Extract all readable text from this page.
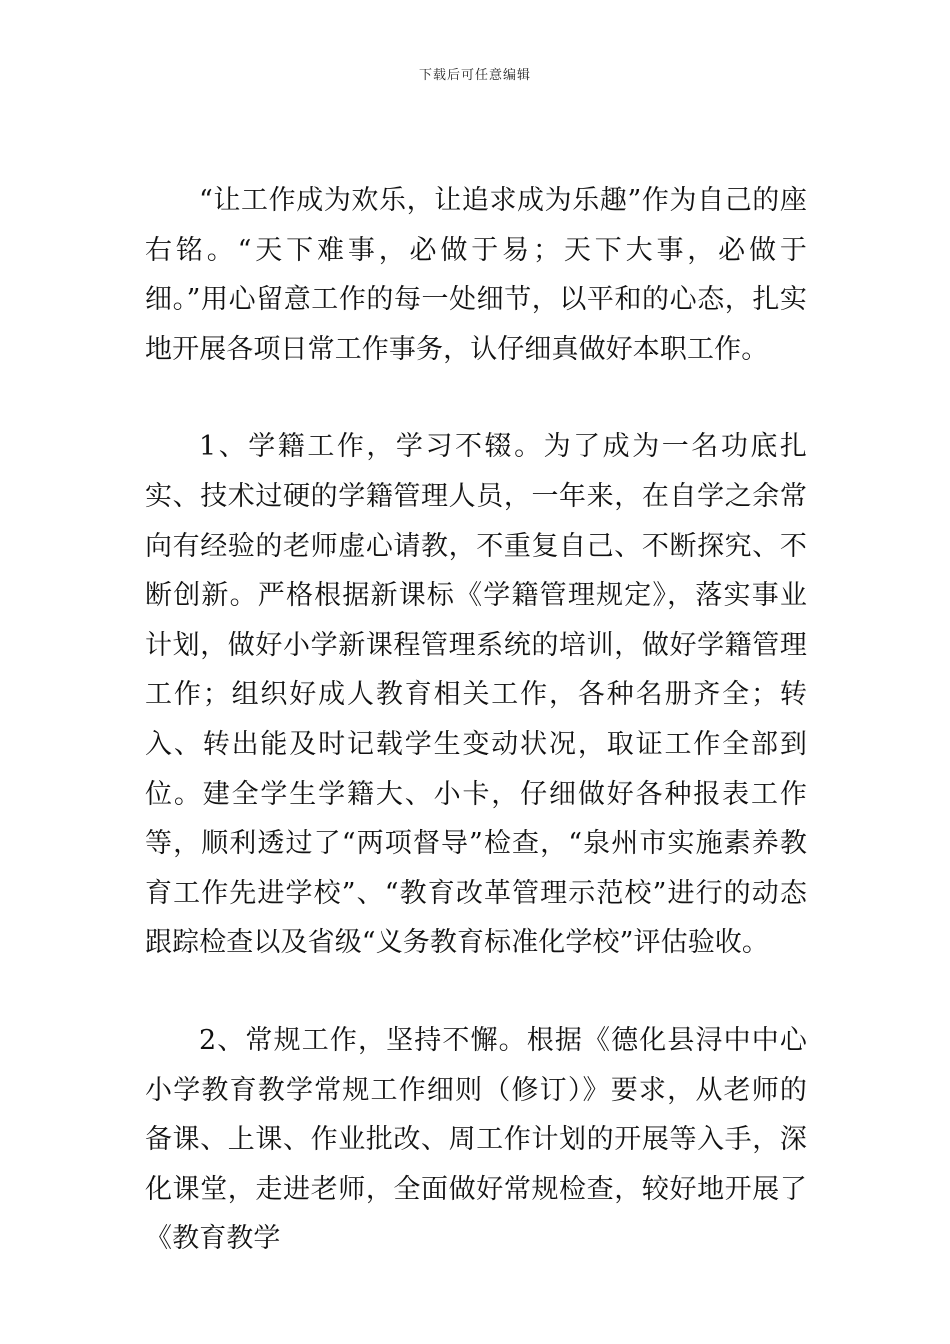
下载后可任意编辑

“让工作成为欢乐，让追求成为乐趣”作为自己的座右铭。“天下难事，必做于易；天下大事，必做于细。”用心留意工作的每一处细节，以平和的心态，扎实地开展各项日常工作事务，认仔细真做好本职工作。

1、学籍工作，学习不辍。为了成为一名功底扎实、技术过硬的学籍管理人员，一年来，在自学之余常向有经验的老师虚心请教，不重复自己、不断探究、不断创新。严格根据新课标《学籍管理规定》，落实事业计划，做好小学新课程管理系统的培训，做好学籍管理工作；组织好成人教育相关工作，各种名册齐全；转入、转出能及时记载学生变动状况，取证工作全部到位。建全学生学籍大、小卡，仔细做好各种报表工作等，顺利透过了“两项督导”检查，“泉州市实施素养教育工作先进学校”、“教育改革管理示范校”进行的动态跟踪检查以及省级“义务教育标准化学校”评估验收。

2、常规工作，坚持不懈。根据《德化县浔中中心小学教育教学常规工作细则（修订）》要求，从老师的备课、上课、作业批改、周工作计划的开展等入手，深化课堂，走进老师，全面做好常规检查，较好地开展了《教育教学
